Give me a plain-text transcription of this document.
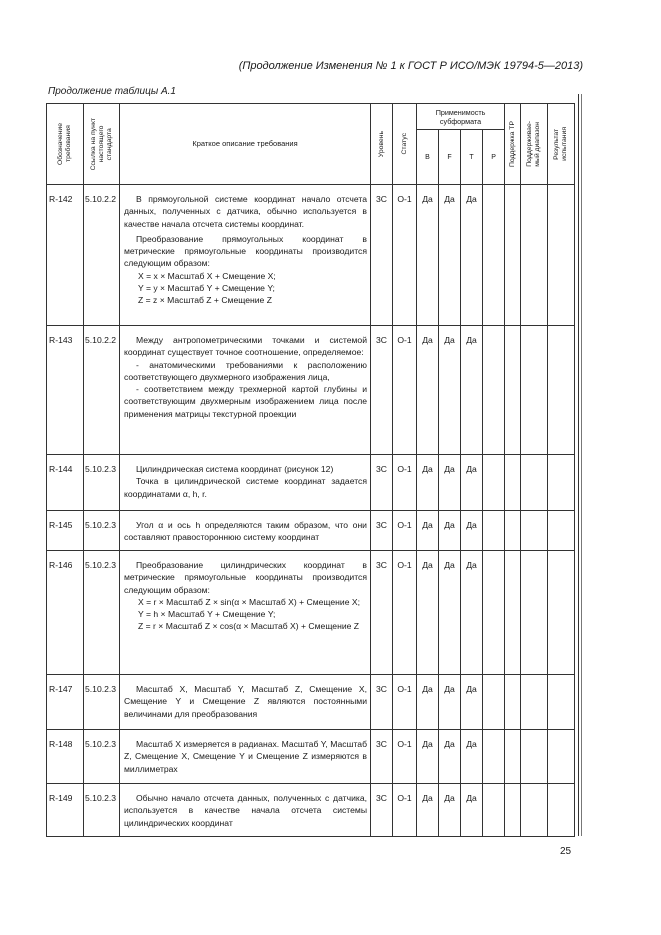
(Продолжение Изменения № 1 к ГОСТ Р ИСО/МЭК 19794-5—2013)
Продолжение таблицы А.1
Обозначение
требования	Ссылка на пункт
настоящего
стандарта	Краткое описание требования	Уровень	Статус	Применимость
субформата				Поддержка ТР	Поддерживае-
мый диапазон	Результат
испытания

					B	F	T	P			
R-142	5.10.2.2	В прямоугольной системе координат начало отсчета данных, полученных с датчика, обычно используется в качестве начала отсчета системы координат.

Преобразование прямоугольных координат в метрические прямоугольные координаты производится следующим образом:

X = x × Масштаб X + Смещение X;

Y = y × Масштаб Y + Смещение Y;

Z = z × Масштаб Z + Смещение Z	3C	O-1	Да	Да	Да				
R-143	5.10.2.2	Между антропометрическими точками и системой координат существует точное соотношение, определяемое:

- анатомическими требованиями к расположению соответствующего двухмерного изображения лица,

- соответствием между трехмерной картой глубины и соответствующим двухмерным изображением лица после применения матрицы текстурной проекции	3C	O-1	Да	Да	Да				
R-144	5.10.2.3	Цилиндрическая система координат (рисунок 12)

Точка в цилиндрической системе координат задается координатами α, h, r.	3C	O-1	Да	Да	Да				
R-145	5.10.2.3	Угол α и ось h определяются таким образом, что они составляют правостороннюю систему координат	3C	O-1	Да	Да	Да				
R-146	5.10.2.3	Преобразование цилиндрических координат в метрические прямоугольные координаты производится следующим образом:

X = r × Масштаб Z × sin(α × Масштаб X) + Смещение X;

Y = h × Масштаб Y + Смещение Y;

Z = r × Масштаб Z × cos(α × Масштаб X) + Смещение Z	3C	O-1	Да	Да	Да				
R-147	5.10.2.3	Масштаб X, Масштаб Y, Масштаб Z, Смещение X, Смещение Y и Смещение Z являются постоянными величинами для преобразования	3C	O-1	Да	Да	Да				
R-148	5.10.2.3	Масштаб X измеряется в радианах. Масштаб Y, Масштаб Z, Смещение X, Смещение Y и Смещение Z измеряются в миллиметрах	3C	O-1	Да	Да	Да				
R-149	5.10.2.3	Обычно начало отсчета данных, полученных с датчика, используется в качестве начала отсчета системы цилиндрических координат	3C	O-1	Да	Да	Да				
25
